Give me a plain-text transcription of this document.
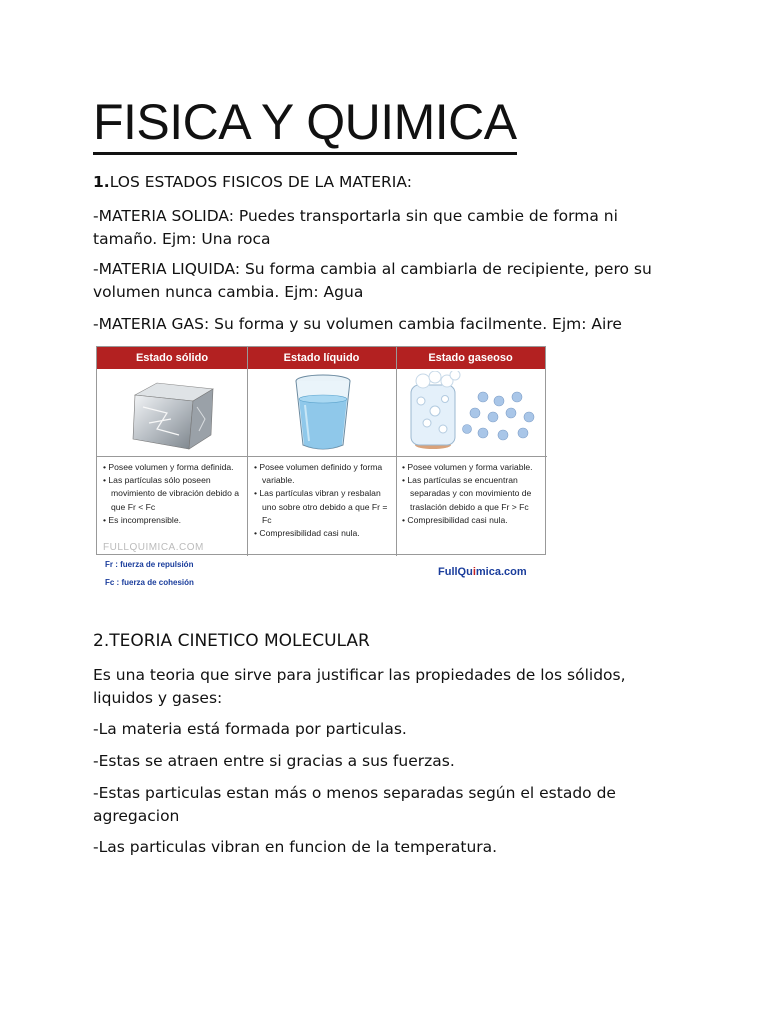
FISICA Y QUIMICA

1.LOS ESTADOS FISICOS DE LA MATERIA:

-MATERIA SOLIDA: Puedes transportarla sin que cambie de forma ni tamaño. Ejm: Una roca

-MATERIA LIQUIDA: Su forma cambia al cambiarla de recipiente, pero su volumen nunca cambia. Ejm: Agua

-MATERIA GAS: Su forma y su volumen cambia facilmente. Ejm: Aire

Estado sólido	Estado líquido	Estado gaseoso
• Posee volumen y forma definida.
• Las partículas sólo poseen movimiento de vibración debido a que Fr < Fc
• Es incomprensible.
• Posee volumen definido y forma variable.
• Las partículas vibran y resbalan uno sobre otro debido a que Fr = Fc
• Compresibilidad casi nula.
• Posee volumen y forma variable.
• Las partículas se encuentran separadas y con movimiento de traslación debido a que Fr > Fc
• Compresibilidad casi nula.
FULLQUIMICA.COM
Fr : fuerza de repulsión
Fc : fuerza de cohesión
FullQuimica.com

2.TEORIA CINETICO MOLECULAR

Es una teoria que sirve para justificar las propiedades de los sólidos, liquidos y gases:

-La materia está formada por particulas.

-Estas se atraen entre si gracias a sus fuerzas.

-Estas particulas estan más o menos separadas según el estado de agregacion

-Las particulas vibran en funcion de la temperatura.
